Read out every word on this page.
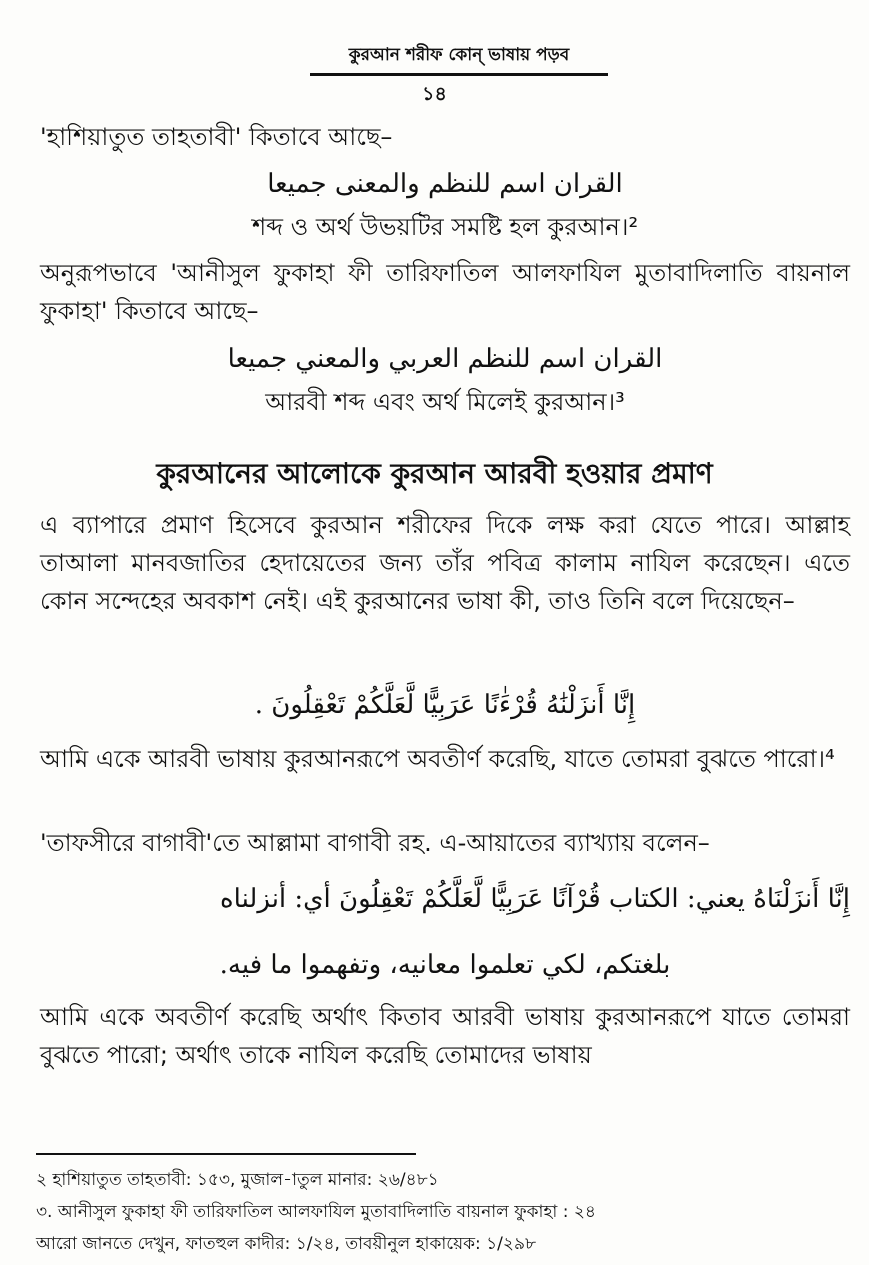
কুরআন শরীফ কোন্ ভাষায় পড়ব
১৪
'হাশিয়াতুত তাহতাবী' কিতাবে আছে–
القران اسم للنظم والمعنى جميعا
শব্দ ও অর্থ উভয়টির সমষ্টি হল কুরআন।²
অনুরূপভাবে 'আনীসুল ফুকাহা ফী তারিফাতিল আলফাযিল মুতাবাদিলাতি বায়নাল ফুকাহা' কিতাবে আছে–
القران اسم للنظم العربي والمعني جميعا
আরবী শব্দ এবং অর্থ মিলেই কুরআন।³
কুরআনের আলোকে কুরআন আরবী হওয়ার প্রমাণ
এ ব্যাপারে প্রমাণ হিসেবে কুরআন শরীফের দিকে লক্ষ করা যেতে পারে। আল্লাহ তাআলা মানবজাতির হেদায়েতের জন্য তাঁর পবিত্র কালাম নাযিল করেছেন। এতে কোন সন্দেহের অবকাশ নেই। এই কুরআনের ভাষা কী, তাও তিনি বলে দিয়েছেন–
إِنَّا أَنزَلْنَٰهُ قُرْءَٰنًا عَرَبِيًّا لَّعَلَّكُمْ تَعْقِلُونَ .
আমি একে আরবী ভাষায় কুরআনরূপে অবতীর্ণ করেছি, যাতে তোমরা বুঝতে পারো।⁴
'তাফসীরে বাগাবী'তে আল্লামা বাগাবী রহ. এ-আয়াতের ব্যাখ্যায় বলেন–
إِنَّا أَنزَلْنَاهُ يعني: الكتاب قُرْآنًا عَرَبِيًّا لَّعَلَّكُمْ تَعْقِلُونَ أي: أنزلناه
بلغتكم، لكي تعلموا معانيه، وتفهموا ما فيه.
আমি একে অবতীর্ণ করেছি অর্থাৎ কিতাব আরবী ভাষায় কুরআনরূপে যাতে তোমরা বুঝতে পারো; অর্থাৎ তাকে নাযিল করেছি তোমাদের ভাষায়
২ হাশিয়াতুত তাহতাবী: ১৫৩, মুজাল-াতুল মানার: ২৬/৪৮১
৩. আনীসুল ফুকাহা ফী তারিফাতিল আলফাযিল মুতাবাদিলাতি বায়নাল ফুকাহা : ২৪
আরো জানতে দেখুন, ফাতহুল কাদীর: ১/২৪, তাবয়ীনুল হাকায়েক: ১/২৯৮
